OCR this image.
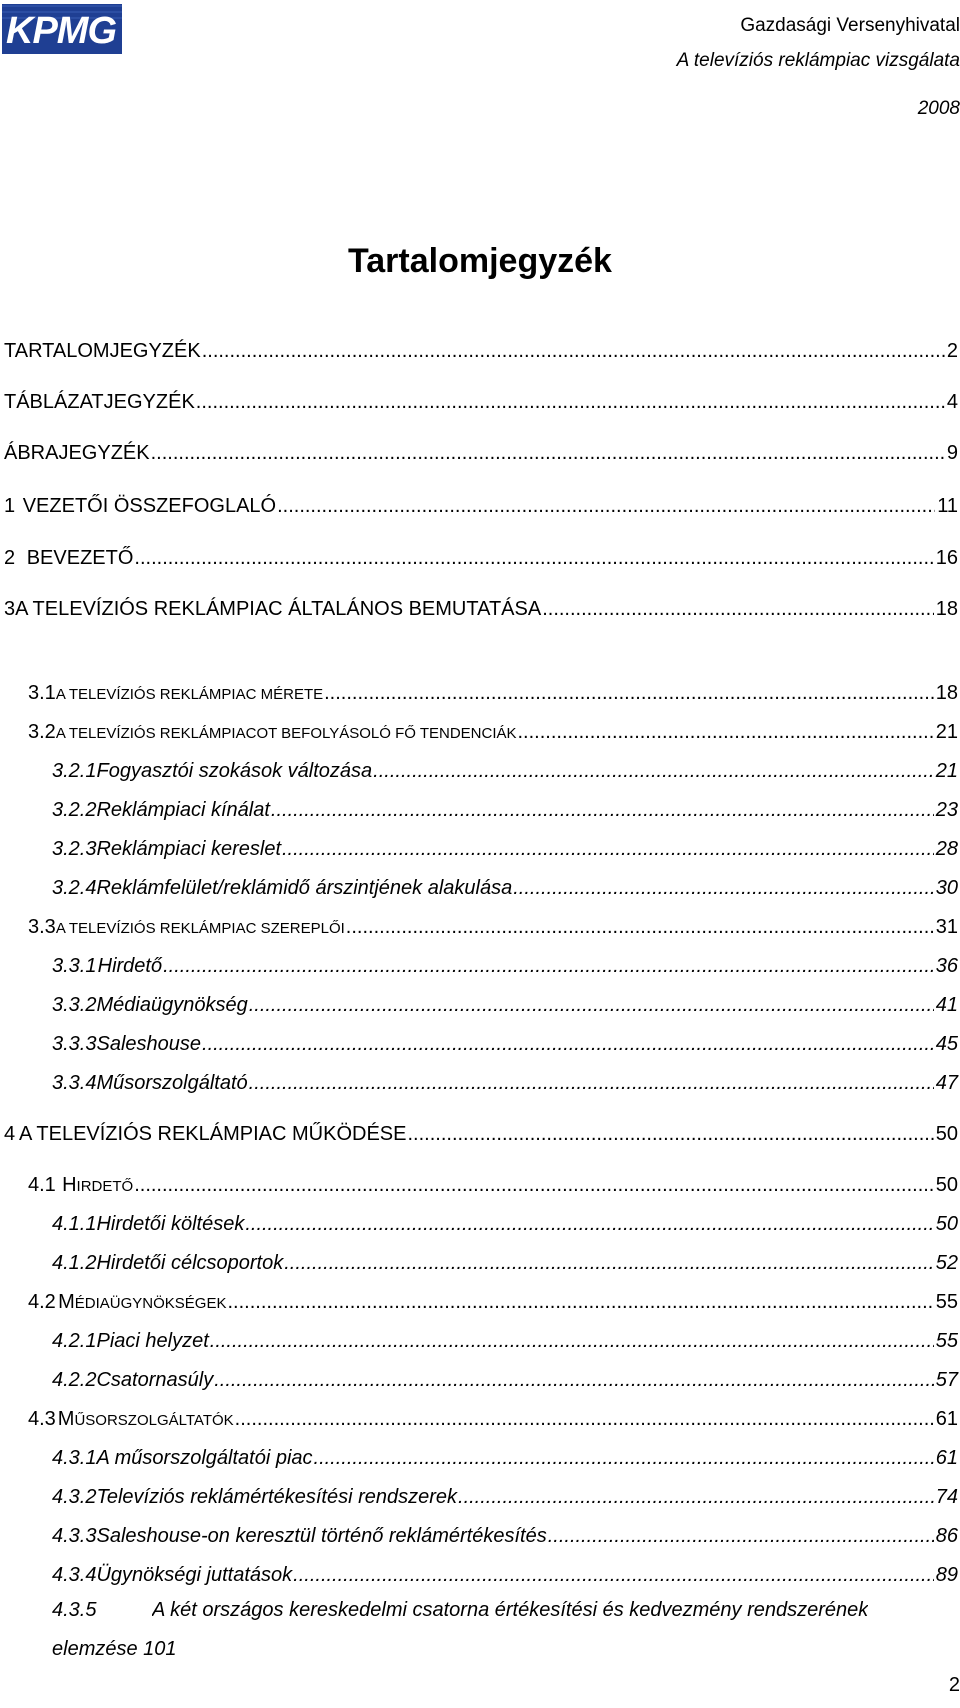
KPMG	Gazdasági Versenyhivatal
A televíziós reklámpiac vizsgálata
2008
Tartalomjegyzék
TARTALOMJEGYZÉK .....	2
TÁBLÁZATJEGYZÉK .....	4
ÁBRAJEGYZÉK .....	9
1 VEZETŐI ÖSSZEFOGLALÓ .....	11
2 BEVEZETŐ .....	16
3 A TELEVÍZIÓS REKLÁMPIAC ÁLTALÁNOS BEMUTATÁSA .....	18
3.1 A TELEVÍZIÓS REKLÁMPIAC MÉRETE .....	18
3.2 A TELEVÍZIÓS REKLÁMPIACOT BEFOLYÁSOLÓ FŐ TENDENCIÁK .....	21
3.2.1 Fogyasztói szokások változása .....	21
3.2.2 Reklámpiaci kínálat .....	23
3.2.3 Reklámpiaci kereslet .....	28
3.2.4 Reklámfelület/reklámidő árszintjének alakulása .....	30
3.3 A TELEVÍZIÓS REKLÁMPIAC SZEREPLŐI .....	31
3.3.1 Hirdető .....	36
3.3.2 Médiaügynökség .....	41
3.3.3 Saleshouse .....	45
3.3.4 Műsorszolgáltató .....	47
4 A TELEVÍZIÓS REKLÁMPIAC MŰKÖDÉSE .....	50
4.1 HIRDETŐ .....	50
4.1.1 Hirdetői költések .....	50
4.1.2 Hirdetői célcsoportok .....	52
4.2 MÉDIAÜGYNÖKSÉGEK .....	55
4.2.1 Piaci helyzet .....	55
4.2.2 Csatornasúly .....	57
4.3 MŰSORSZOLGÁLTATÓK .....	61
4.3.1 A műsorszolgáltatói piac .....	61
4.3.2 Televíziós reklámértékesítési rendszerek .....	74
4.3.3 Saleshouse-on keresztül történő reklámértékesítés .....	86
4.3.4 Ügynökségi juttatások .....	89
4.3.5	A két országos kereskedelmi csatorna értékesítési és kedvezmény rendszerének
elemzése 101
2
